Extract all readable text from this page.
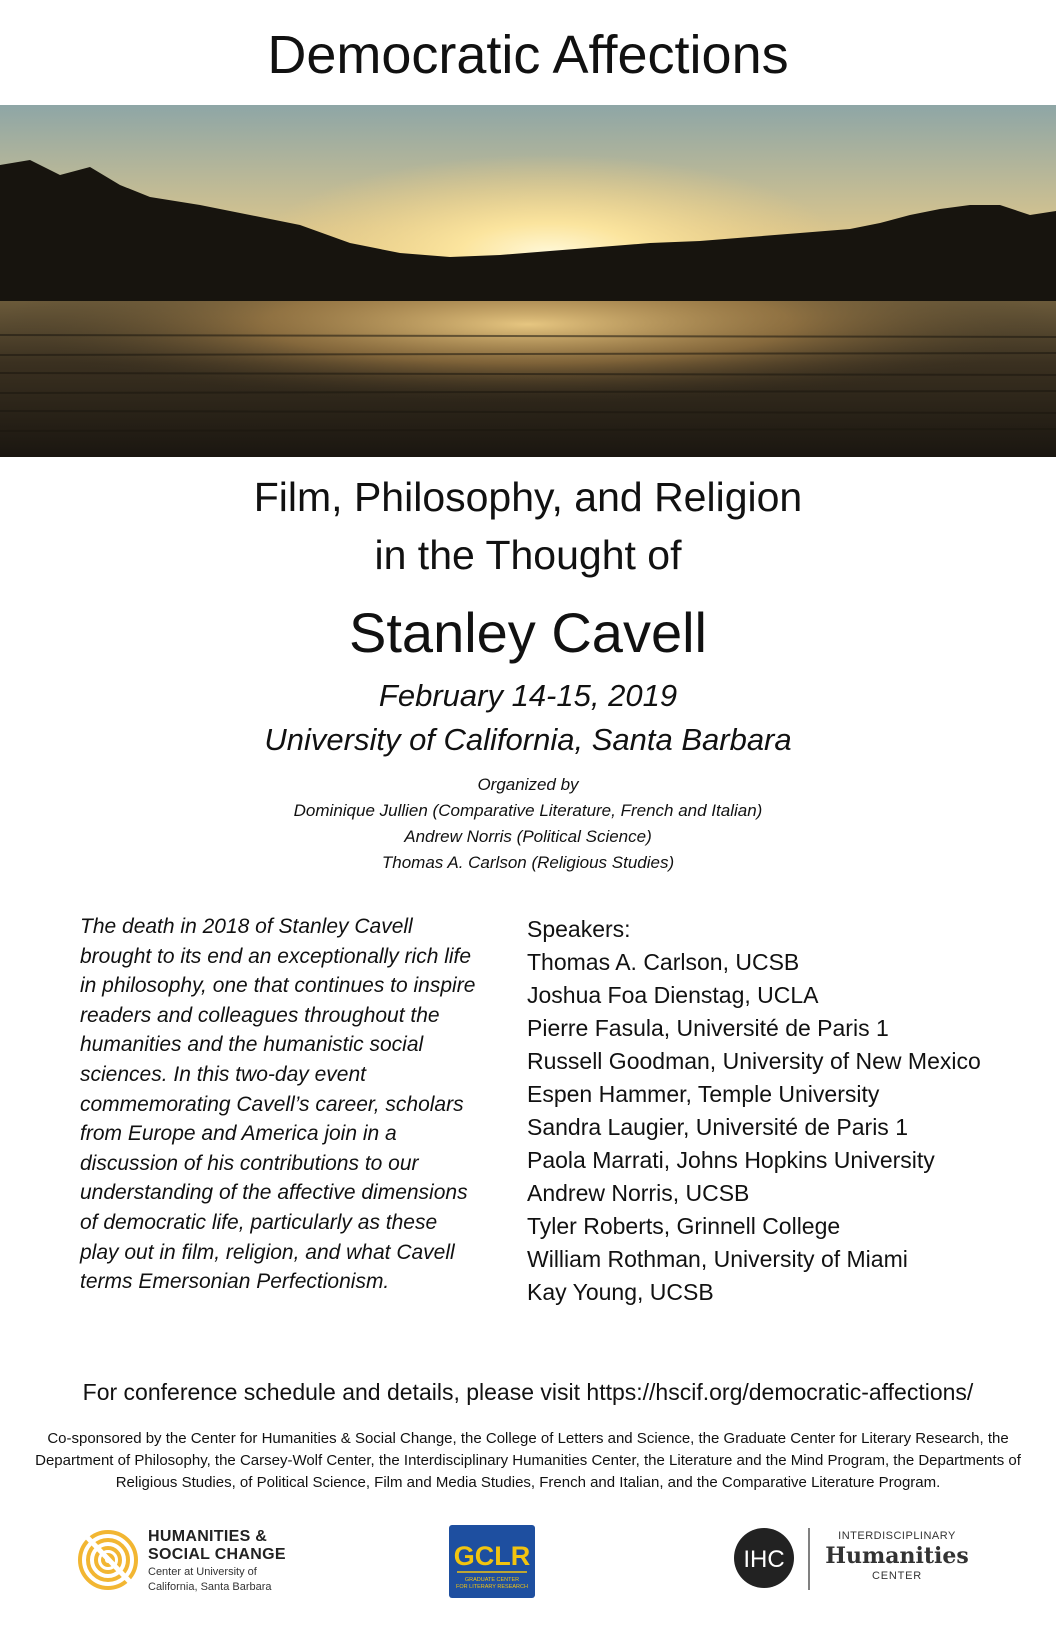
Democratic Affections
Film, Philosophy, and Religion
in the Thought of
Stanley Cavell
February 14-15, 2019
University of California, Santa Barbara
Organized by
Dominique Jullien (Comparative Literature, French and Italian)
Andrew Norris (Political Science)
Thomas A. Carlson (Religious Studies)

The death in 2018 of Stanley Cavell brought to its end an exceptionally rich life in philosophy, one that continues to inspire readers and colleagues throughout the humanities and the humanistic social sciences. In this two-day event commemorating Cavell’s career, scholars from Europe and America join in a discussion of his contributions to our understanding of the affective dimensions of democratic life, particularly as these play out in film, religion, and what Cavell terms Emersonian Perfectionism.

Speakers:
Thomas A. Carlson, UCSB
Joshua Foa Dienstag, UCLA
Pierre Fasula, Université de Paris 1
Russell Goodman, University of New Mexico
Espen Hammer, Temple University
Sandra Laugier, Université de Paris 1
Paola Marrati, Johns Hopkins University
Andrew Norris, UCSB
Tyler Roberts, Grinnell College
William Rothman, University of Miami
Kay Young, UCSB
For conference schedule and details, please visit https://hscif.org/democratic-affections/
Co-sponsored by the Center for Humanities & Social Change, the College of Letters and Science, the Graduate Center for Literary Research, the Department of Philosophy, the Carsey-Wolf Center, the Interdisciplinary Humanities Center, the Literature and the Mind Program, the Departments of Religious Studies, of Political Science, Film and Media Studies, French and Italian, and the Comparative Literature Program.
HUMANITIES &
SOCIAL CHANGE
Center at University of
California, Santa Barbara
GCLR
GRADUATE CENTER
FOR LITERARY RESEARCH
IHC
INTERDISCIPLINARY
Humanities
CENTER
